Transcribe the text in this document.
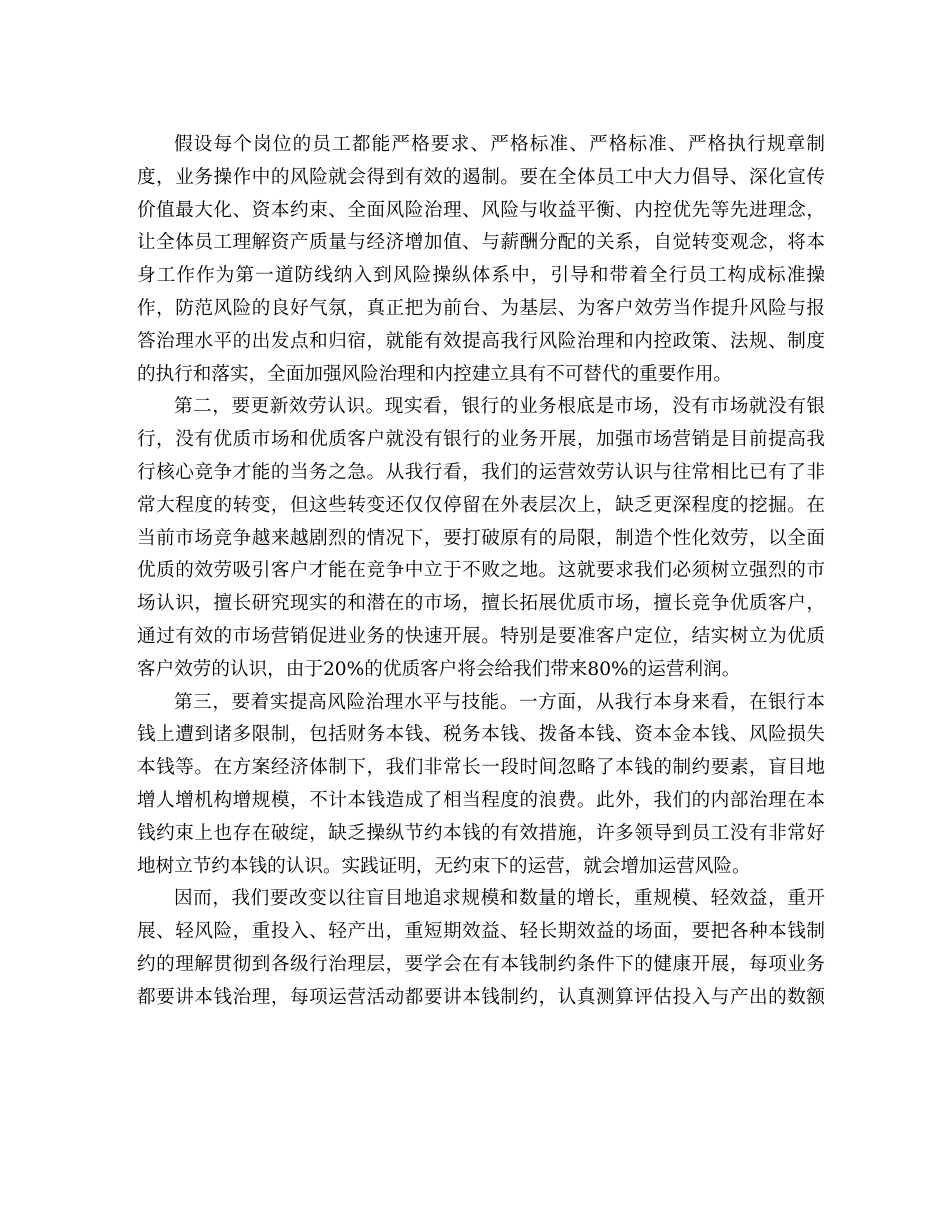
假设每个岗位的员工都能严格要求、严格标准、严格标准、严格执行规章制
度，业务操作中的风险就会得到有效的遏制。要在全体员工中大力倡导、深化宣传
价值最大化、资本约束、全面风险治理、风险与收益平衡、内控优先等先进理念，
让全体员工理解资产质量与经济增加值、与薪酬分配的关系，自觉转变观念，将本
身工作作为第一道防线纳入到风险操纵体系中，引导和带着全行员工构成标准操
作，防范风险的良好气氛，真正把为前台、为基层、为客户效劳当作提升风险与报
答治理水平的出发点和归宿，就能有效提高我行风险治理和内控政策、法规、制度
的执行和落实，全面加强风险治理和内控建立具有不可替代的重要作用。
第二，要更新效劳认识。现实看，银行的业务根底是市场，没有市场就没有银
行，没有优质市场和优质客户就没有银行的业务开展，加强市场营销是目前提高我
行核心竞争才能的当务之急。从我行看，我们的运营效劳认识与往常相比已有了非
常大程度的转变，但这些转变还仅仅停留在外表层次上，缺乏更深程度的挖掘。在
当前市场竞争越来越剧烈的情况下，要打破原有的局限，制造个性化效劳，以全面
优质的效劳吸引客户才能在竞争中立于不败之地。这就要求我们必须树立强烈的市
场认识，擅长研究现实的和潜在的市场，擅长拓展优质市场，擅长竞争优质客户，
通过有效的市场营销促进业务的快速开展。特别是要准客户定位，结实树立为优质
客户效劳的认识，由于20%的优质客户将会给我们带来80%的运营利润。
第三，要着实提高风险治理水平与技能。一方面，从我行本身来看，在银行本
钱上遭到诸多限制，包括财务本钱、税务本钱、拨备本钱、资本金本钱、风险损失
本钱等。在方案经济体制下，我们非常长一段时间忽略了本钱的制约要素，盲目地
增人增机构增规模，不计本钱造成了相当程度的浪费。此外，我们的内部治理在本
钱约束上也存在破绽，缺乏操纵节约本钱的有效措施，许多领导到员工没有非常好
地树立节约本钱的认识。实践证明，无约束下的运营，就会增加运营风险。
因而，我们要改变以往盲目地追求规模和数量的增长，重规模、轻效益，重开
展、轻风险，重投入、轻产出，重短期效益、轻长期效益的场面，要把各种本钱制
约的理解贯彻到各级行治理层，要学会在有本钱制约条件下的健康开展，每项业务
都要讲本钱治理，每项运营活动都要讲本钱制约，认真测算评估投入与产出的数额
